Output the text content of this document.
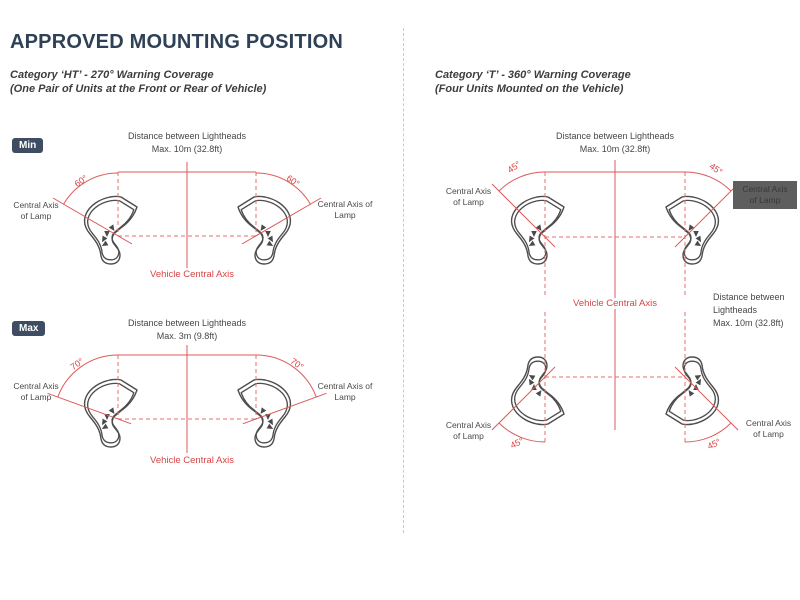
APPROVED MOUNTING POSITION
Category ‘HT’ - 270° Warning Coverage
(One Pair of Units at the Front or Rear of Vehicle)
Category ‘T’ - 360° Warning Coverage
(Four Units Mounted on the Vehicle)
Min
Distance between Lightheads
Max. 10m (32.8ft)
60°	60°
Central Axis
of Lamp
Central Axis of
Lamp
Vehicle Central Axis
Max	Distance between Lightheads
Max. 3m (9.8ft)
70°	70°
Central Axis
of Lamp
Central Axis of
Lamp
Vehicle Central Axis
Distance between Lightheads
Max. 10m (32.8ft)
45°	45°
45°	45°
Central Axis
of Lamp
Central Axis
of Lamp
Central Axis
of Lamp
Central Axis
of Lamp
Distance between
Lightheads
Max. 10m (32.8ft)
Vehicle Central Axis
